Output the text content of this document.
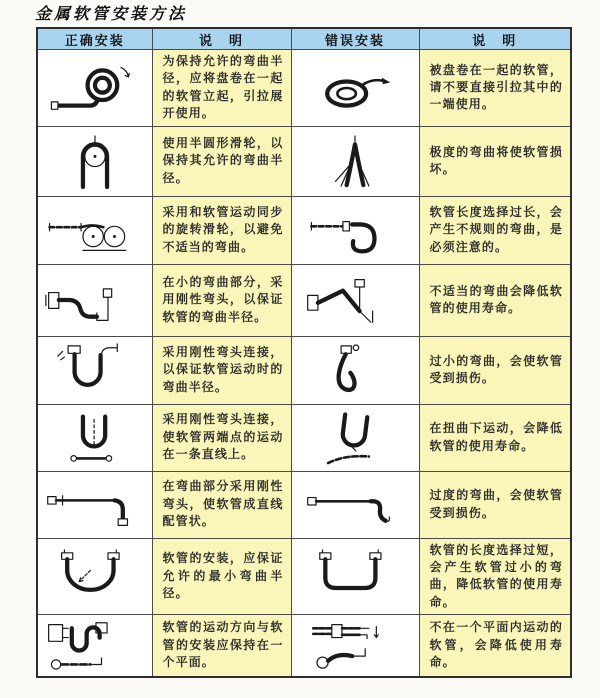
金属软管安装方法
正确安装	说　明	错误安装	说　明

为保持允许的弯曲半径，应将盘卷在一起的软管立起，引拉展开使用。		被盘卷在一起的软管，请不要直接引拉其中的一端使用。

使用半圆形滑轮，以保持其允许的弯曲半径。		极度的弯曲将使软管损坏。

采用和软管运动同步的旋转滑轮，以避免不适当的弯曲。		软管长度选择过长，会产生不规则的弯曲，是必须注意的。

在小的弯曲部分，采用刚性弯头，以保证软管的弯曲半径。		不适当的弯曲会降低软管的使用寿命。

采用刚性弯头连接，以保证软管运动时的弯曲半径。		过小的弯曲，会使软管受到损伤。

采用刚性弯头连接，使软管两端点的运动在一条直线上。		在扭曲下运动，会降低软管的使用寿命。

在弯曲部分采用刚性弯头，使软管成直线配管状。		过度的弯曲，会使软管受到损伤。

软管的安装，应保证允许的最小弯曲半径。		软管的长度选择过短，会产生软管过小的弯曲，降低软管的使用寿命。

软管的运动方向与软管的安装应保持在一个平面。		不在一个平面内运动的软管，会降低使用寿命。
